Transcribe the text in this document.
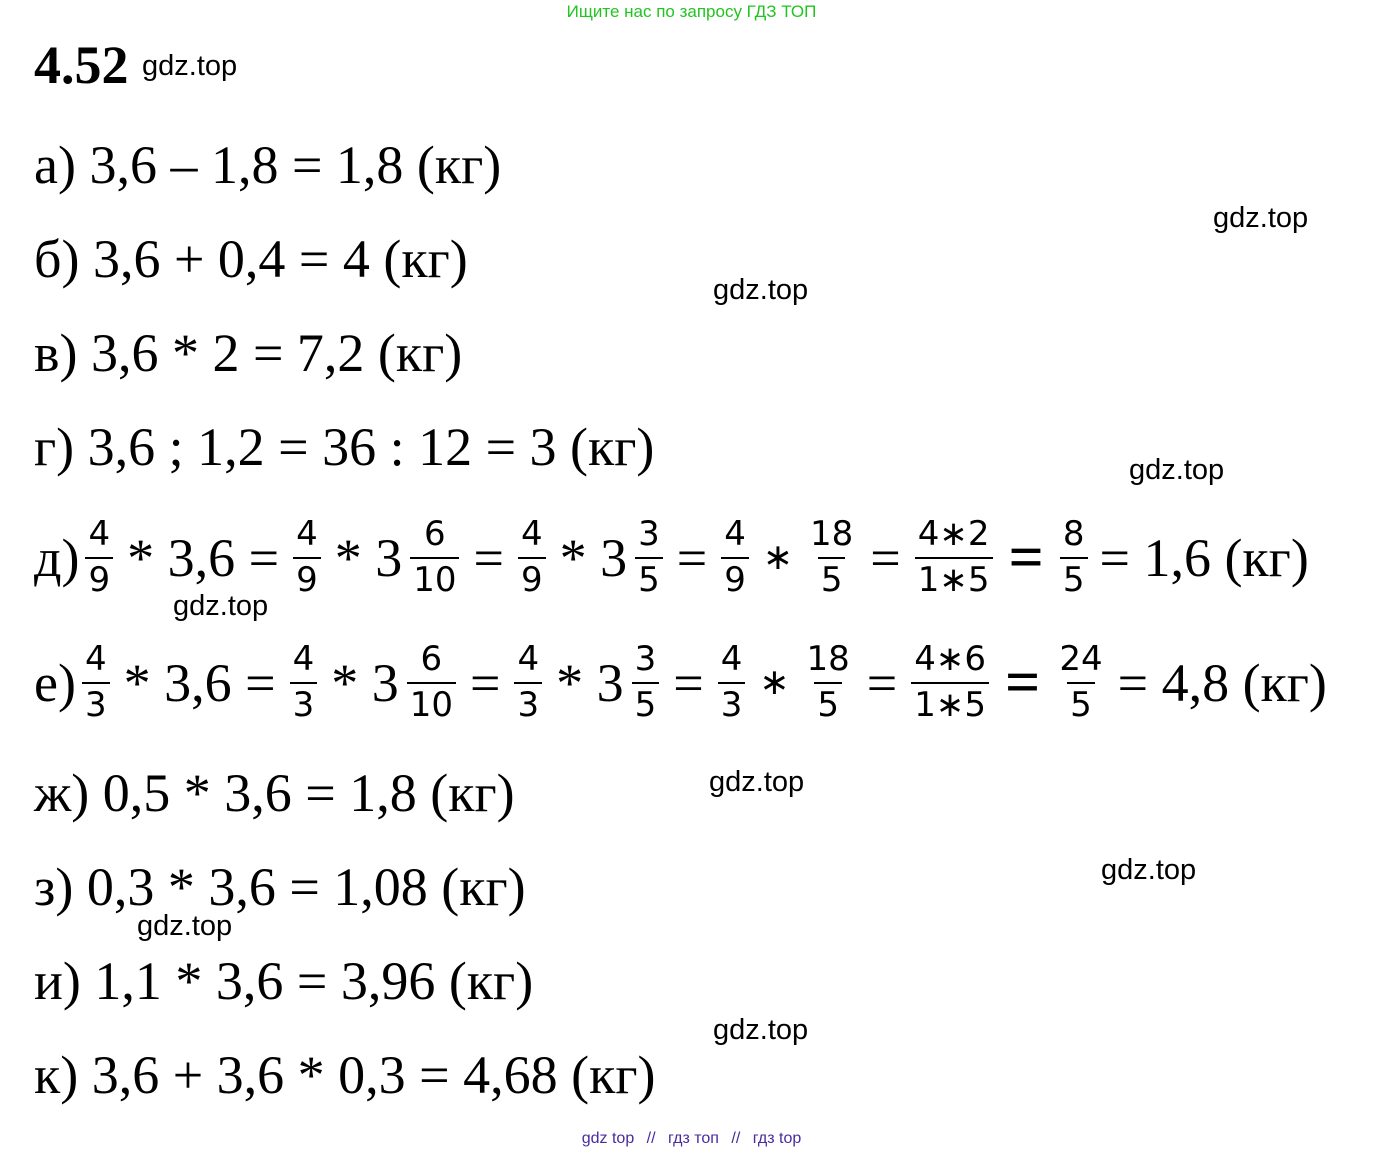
Ищите нас по запросу ГДЗ ТОП
4.52 gdz.top
gdz.top
gdz.top
gdz.top
gdz.top
gdz.top
gdz.top
gdz.top
gdz.top
а) 3,6 – 1,8 = 1,8 (кг)
б) 3,6 + 0,4 = 4 (кг)
в) 3,6 * 2 = 7,2 (кг)
г) 3,6 ; 1,2 = 36 : 12 = 3 (кг)
$д) \frac{4}{9} * 3,6 = \frac{4}{9} * 3 \frac{6}{10} = \frac{4}{9} * 3 \frac{3}{5} = \frac{4}{9}$ ∗ $\frac{18}{5} = \frac{4∗2}{1∗5} = \frac{8}{5} = 1,6$ (кг)
$е) \frac{4}{3} * 3,6 = \frac{4}{3} * 3 \frac{6}{10} = \frac{4}{3} * 3 \frac{3}{5} = \frac{4}{3}$ ∗ $\frac{18}{5} = \frac{4∗6}{1∗5} = \frac{24}{5} = 4,8$ (кг)
ж) 0,5 * 3,6 = 1,8 (кг)
з) 0,3 * 3,6 = 1,08 (кг)
и) 1,1 * 3,6 = 3,96 (кг)
к) 3,6 + 3,6 * 0,3 = 4,68 (кг)
gdz top // гдз топ // гдз top
